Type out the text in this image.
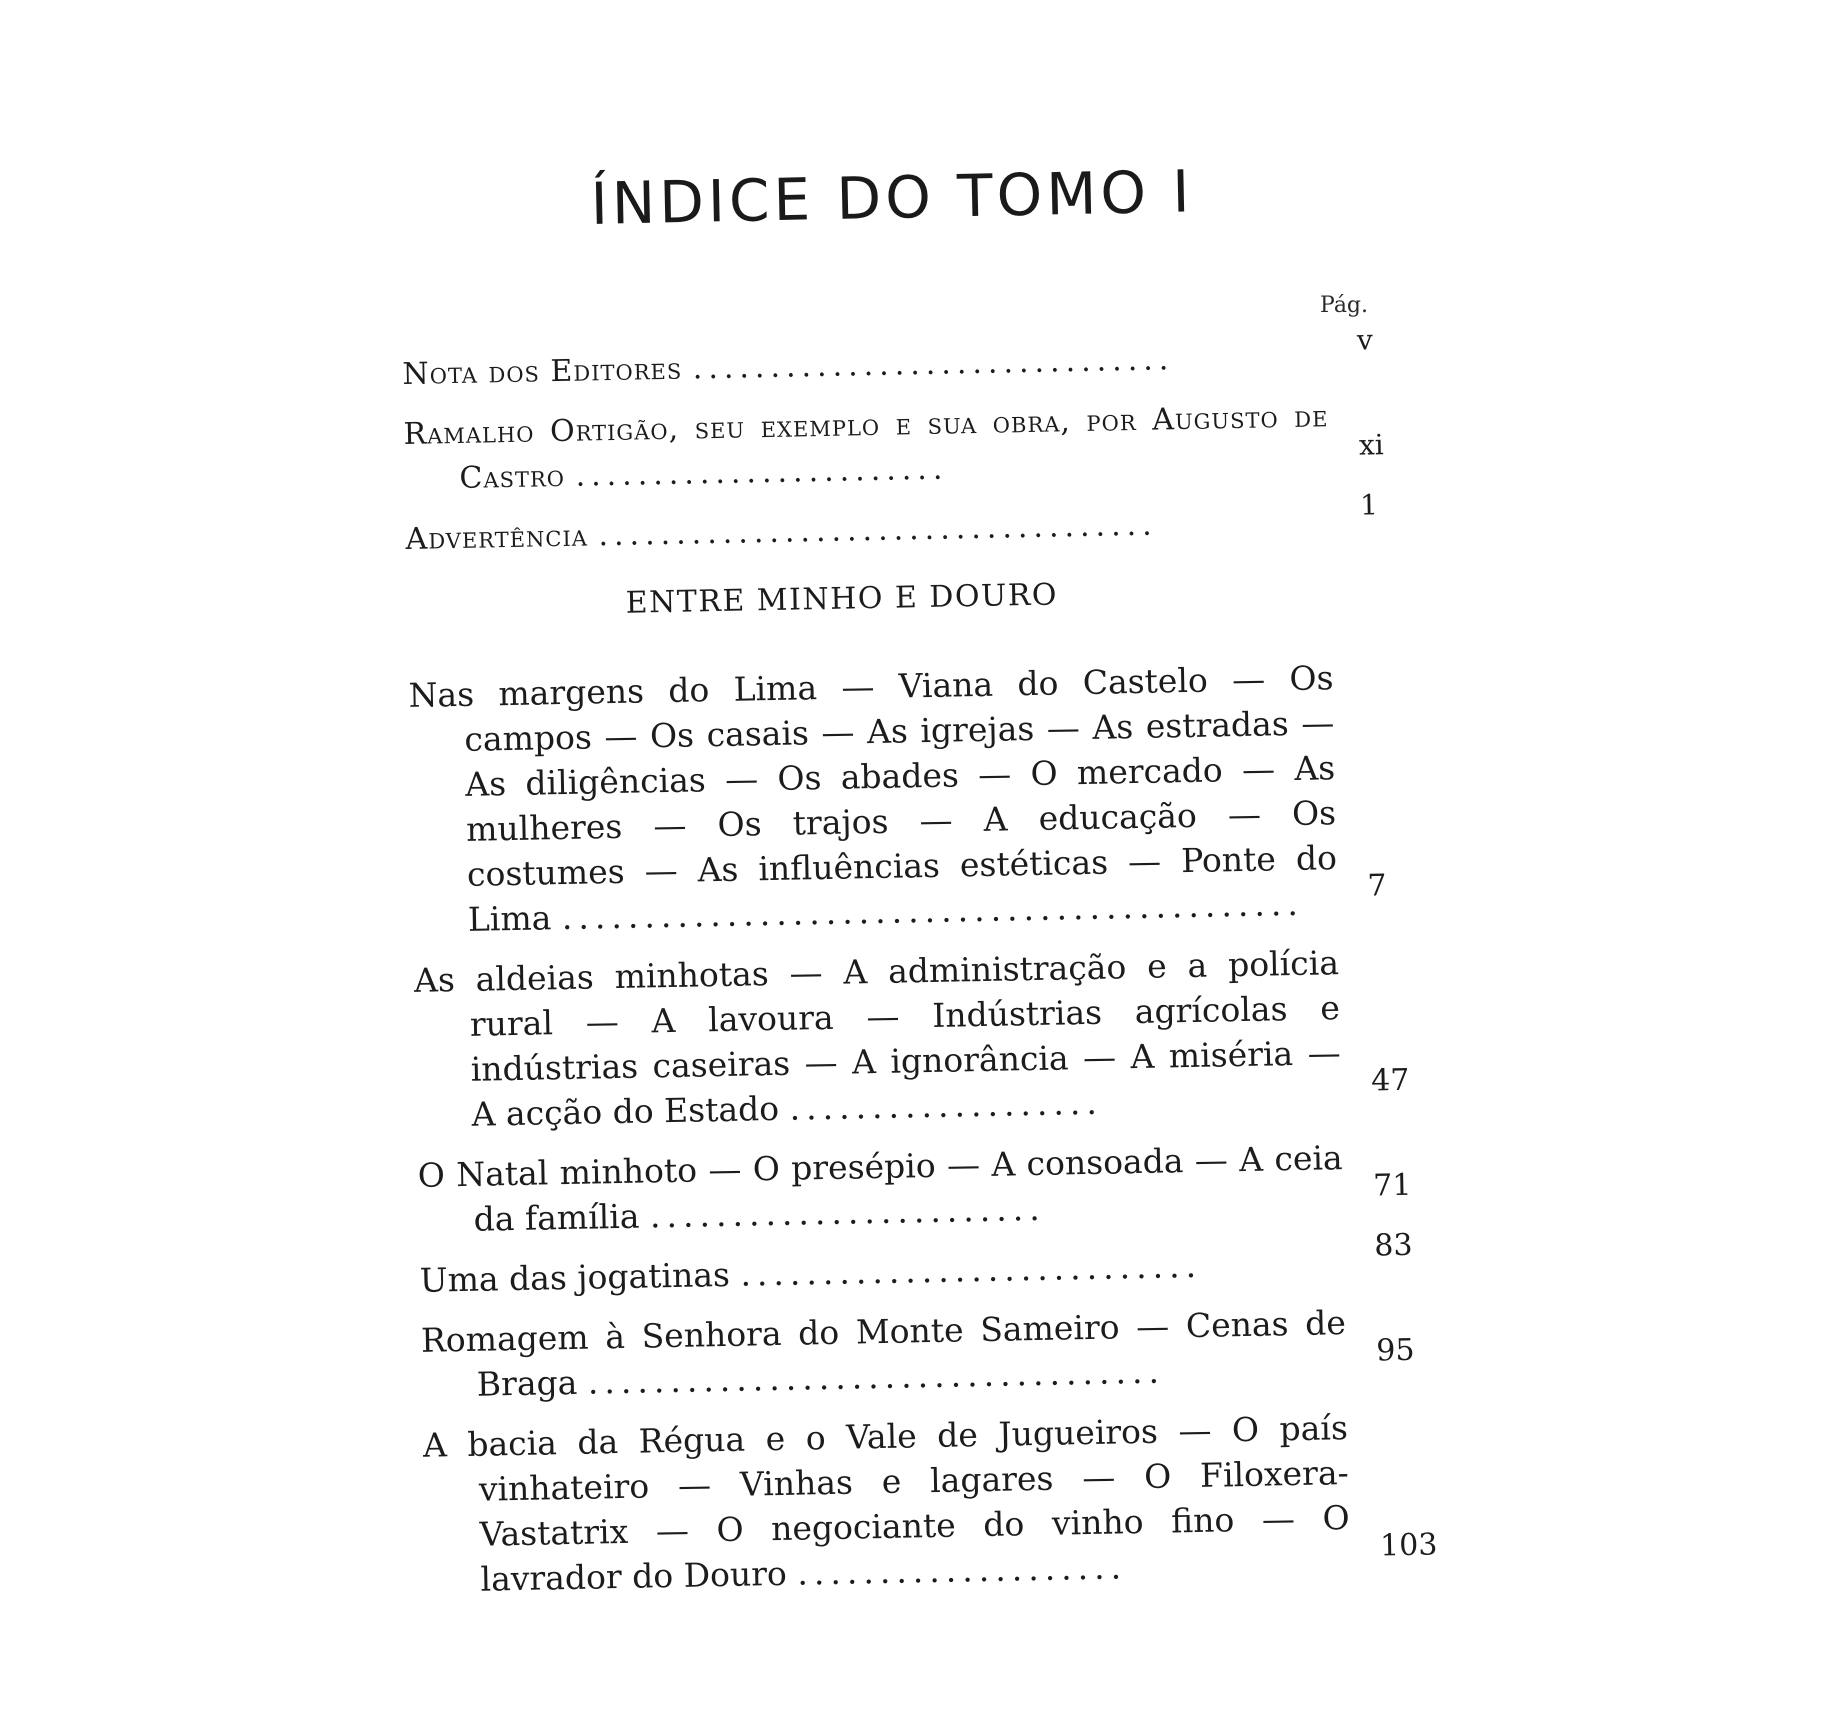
ÍNDICE DO TOMO I
Pág.
Nota dos Editores ...............................
v
Ramalho Ortigão, seu exemplo e sua obra, por Augusto de Castro ........................
xi
Advertência ....................................
1
ENTRE MINHO E DOURO
Nas margens do Lima — Viana do Castelo — Os campos — Os casais — As igrejas — As estradas — As diligências — Os abades — O mercado — As mulheres — Os trajos — A educação — Os costumes — As influências estéticas — Ponte do Lima ............................................. 7
As aldeias minhotas — A administração e a polícia rural — A lavoura — Indústrias agrícolas e indústrias caseiras — A ignorância — A miséria — A acção do Estado ...................
47
O Natal minhoto — O presépio — A consoada — A ceia da família ........................
71
Uma das jogatinas ............................
83
Romagem à Senhora do Monte Sameiro — Cenas de Braga ...................................
95
A bacia da Régua e o Vale de Jugueiros — O país vinhateiro — Vinhas e lagares — O Filoxera-Vastatrix — O negociante do vinho fino — O lavrador do Douro ....................
103
